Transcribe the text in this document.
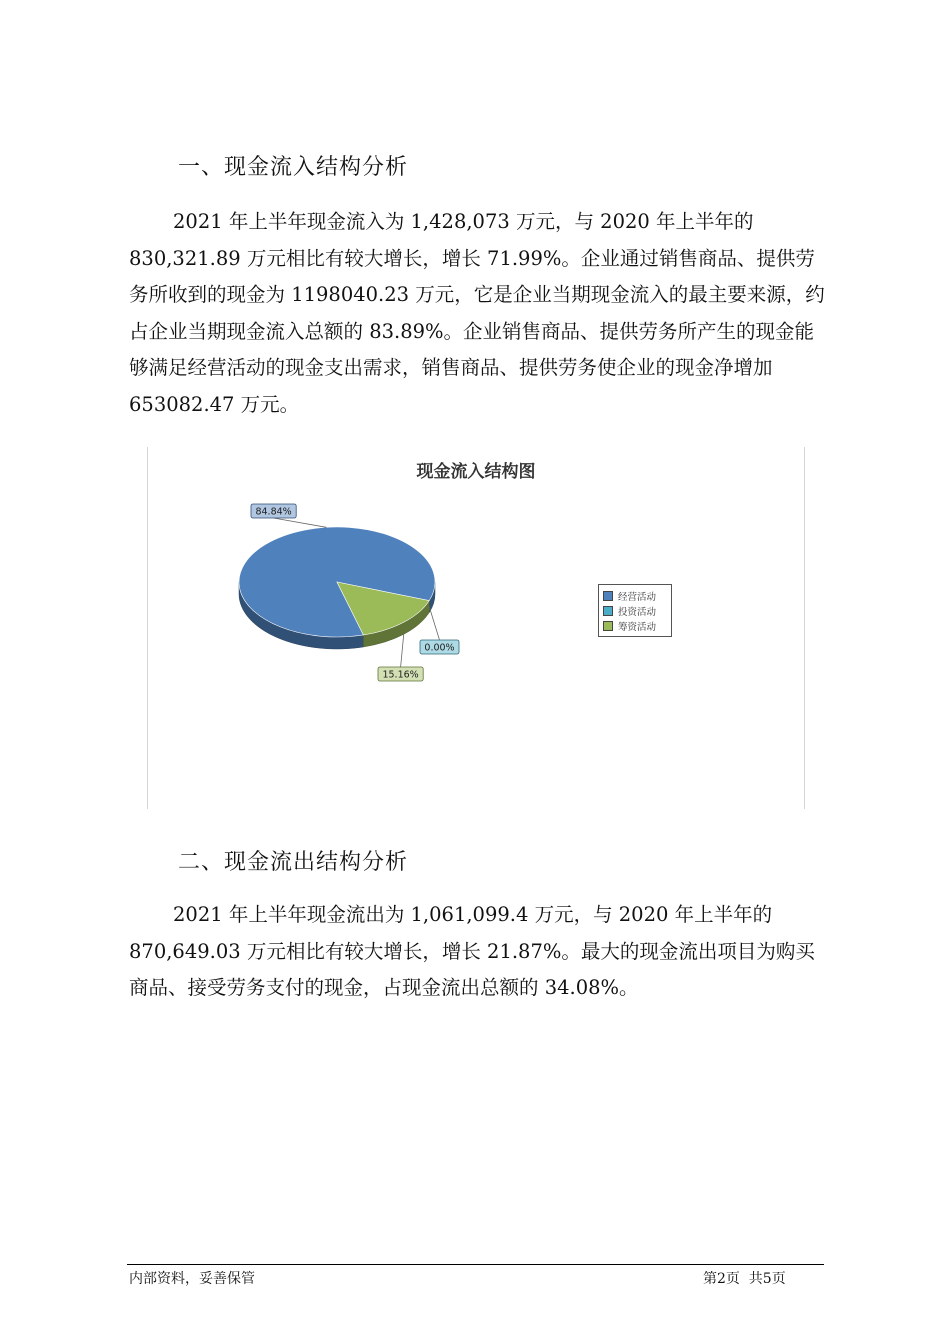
一、现金流入结构分析

2021 年上半年现金流入为 1,428,073 万元，与 2020 年上半年的 830,321.89 万元相比有较大增长，增长 71.99%。企业通过销售商品、提供劳务所收到的现金为 1198040.23 万元，它是企业当期现金流入的最主要来源，约占企业当期现金流入总额的 83.89%。企业销售商品、提供劳务所产生的现金能够满足经营活动的现金支出需求，销售商品、提供劳务使企业的现金净增加 653082.47 万元。

现金流入结构图
84.84%
0.00%
15.16%
经营活动
投资活动
筹资活动
二、现金流出结构分析

2021 年上半年现金流出为 1,061,099.4 万元，与 2020 年上半年的 870,649.03 万元相比有较大增长，增长 21.87%。最大的现金流出项目为购买商品、接受劳务支付的现金，占现金流出总额的 34.08%。

内部资料，妥善保管	第2页  共5页
